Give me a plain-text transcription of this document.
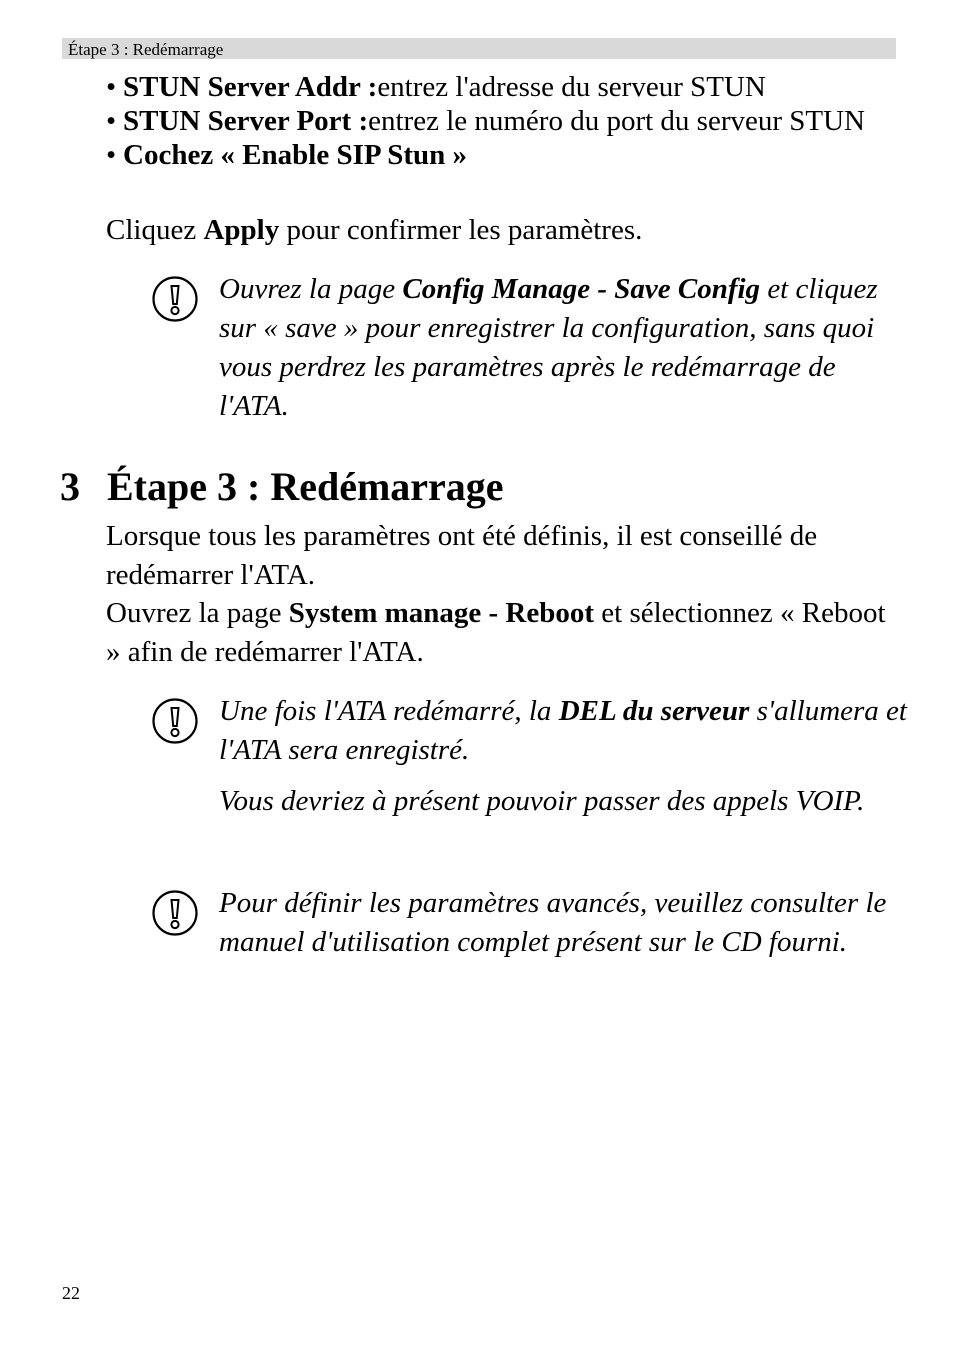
Étape 3 : Redémarrage
• STUN Server Addr :entrez l'adresse du serveur STUN
• STUN Server Port :entrez le numéro du port du serveur STUN
• Cochez « Enable SIP Stun »

Cliquez Apply pour confirmer les paramètres.

Ouvrez la page Config Manage - Save Config et cliquez sur « save » pour enregistrer la configuration, sans quoi vous perdrez les paramètres après le redémarrage de l'ATA.

3 Étape 3 : Redémarrage

Lorsque tous les paramètres ont été définis, il est conseillé de redémarrer l'ATA.

Ouvrez la page System manage - Reboot et sélectionnez « Reboot » afin de redémarrer l'ATA.

Une fois l'ATA redémarré, la DEL du serveur s'allumera et l'ATA sera enregistré.

Vous devriez à présent pouvoir passer des appels VOIP.

Pour définir les paramètres avancés, veuillez consulter le manuel d'utilisation complet présent sur le CD fourni.

22
